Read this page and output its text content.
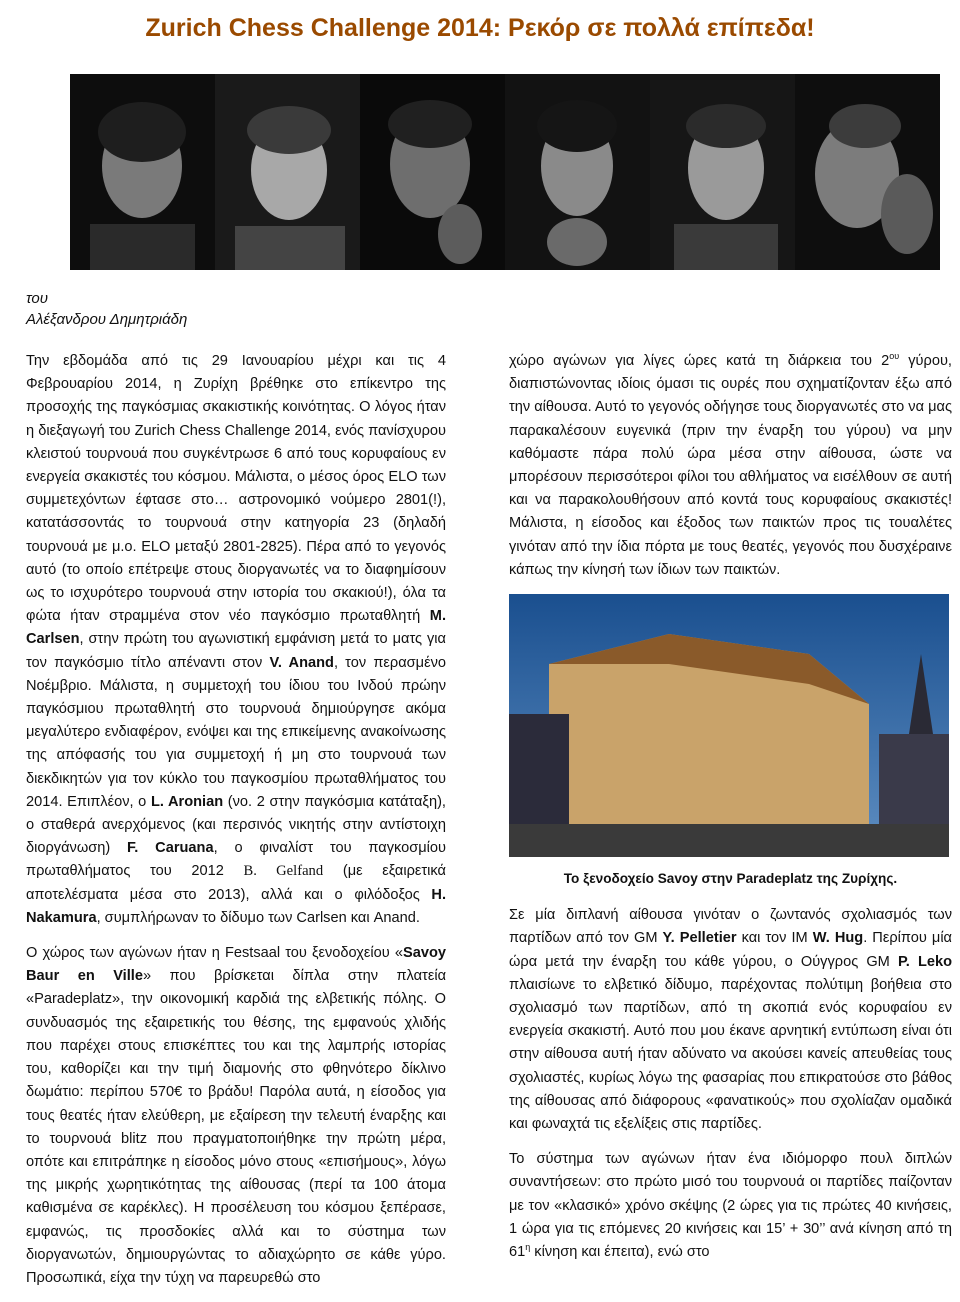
Zurich Chess Challenge 2014: Ρεκόρ σε πολλά επίπεδα!
του
Αλέξανδρου Δημητριάδη

Την εβδομάδα από τις 29 Ιανουαρίου μέχρι και τις 4 Φεβρουαρίου 2014, η Ζυρίχη βρέθηκε στο επίκεντρο της προσοχής της παγκόσμιας σκακιστικής κοινότητας. Ο λόγος ήταν η διεξαγωγή του Zurich Chess Challenge 2014, ενός πανίσχυρου κλειστού τουρνουά που συγκέντρωσε 6 από τους κορυφαίους εν ενεργεία σκακιστές του κόσμου. Μάλιστα, ο μέσος όρος ELO των συμμετεχόντων έφτασε στο… αστρονομικό νούμερο 2801(!), κατατάσσοντάς το τουρνουά στην κατηγορία 23 (δηλαδή τουρνουά με μ.ο. ELO μεταξύ 2801-2825). Πέρα από το γεγονός αυτό (το οποίο επέτρεψε στους διοργανωτές να το διαφημίσουν ως το ισχυρότερο τουρνουά στην ιστορία του σκακιού!), όλα τα φώτα ήταν στραμμένα στον νέο παγκόσμιο πρωταθλητή M. Carlsen, στην πρώτη του αγωνιστική εμφάνιση μετά το ματς για τον παγκόσμιο τίτλο απέναντι στον V. Anand, τον περασμένο Νοέμβριο. Μάλιστα, η συμμετοχή του ίδιου του Ινδού πρώην παγκόσμιου πρωταθλητή στο τουρνουά δημιούργησε ακόμα μεγαλύτερο ενδιαφέρον, ενόψει και της επικείμενης ανακοίνωσης της απόφασής του για συμμετοχή ή μη στο τουρνουά των διεκδικητών για τον κύκλο του παγκοσμίου πρωταθλήματος του 2014. Επιπλέον, ο L. Aronian (νο. 2 στην παγκόσμια κατάταξη), ο σταθερά ανερχόμενος (και περσινός νικητής στην αντίστοιχη διοργάνωση) F. Caruana, ο φιναλίστ του παγκοσμίου πρωταθλήματος του 2012 B. Gelfand (με εξαιρετικά αποτελέσματα μέσα στο 2013), αλλά και ο φιλόδοξος H. Nakamura, συμπλήρωναν το δίδυμο των Carlsen και Anand.

Ο χώρος των αγώνων ήταν η Festsaal του ξενοδοχείου «Savoy Baur en Ville» που βρίσκεται δίπλα στην πλατεία «Paradeplatz», την οικονομική καρδιά της ελβετικής πόλης. Ο συνδυασμός της εξαιρετικής του θέσης, της εμφανούς χλιδής που παρέχει στους επισκέπτες του και της λαμπρής ιστορίας του, καθορίζει και την τιμή διαμονής στο φθηνότερο δίκλινο δωμάτιο: περίπου 570€ το βράδυ! Παρόλα αυτά, η είσοδος για τους θεατές ήταν ελεύθερη, με εξαίρεση την τελευτή έναρξης και το τουρνουά blitz που πραγματοποιήθηκε την πρώτη μέρα, οπότε και επιτράπηκε η είσοδος μόνο στους «επισήμους», λόγω της μικρής χωρητικότητας της αίθουσας (περί τα 100 άτομα καθισμένα σε καρέκλες). Η προσέλευση του κόσμου ξεπέρασε, εμφανώς, τις προσδοκίες αλλά και το σύστημα των διοργανωτών, δημιουργώντας το αδιαχώρητο σε κάθε γύρο. Προσωπικά, είχα την τύχη να παρευρεθώ στο

χώρο αγώνων για λίγες ώρες κατά τη διάρκεια του $2^{o\upsilon}$ γύρου, διαπιστώνοντας ιδίοις όμασι τις ουρές που σχηματίζονταν έξω από την αίθουσα. Αυτό το γεγονός οδήγησε τους διοργανωτές στο να μας παρακαλέσουν ευγενικά (πριν την έναρξη του γύρου) να μην καθόμαστε πάρα πολύ ώρα μέσα στην αίθουσα, ώστε να μπορέσουν περισσότεροι φίλοι του αθλήματος να εισέλθουν σε αυτή και να παρακολουθήσουν από κοντά τους κορυφαίους σκακιστές! Μάλιστα, η είσοδος και έξοδος των παικτών προς τις τουαλέτες γινόταν από την ίδια πόρτα με τους θεατές, γεγονός που δυσχέραινε κάπως την κίνησή των ίδιων των παικτών.

Το ξενοδοχείο Savoy στην Paradeplatz της Ζυρίχης.

Σε μία διπλανή αίθουσα γινόταν ο ζωντανός σχολιασμός των παρτίδων από τον GM Y. Pelletier και τον IM W. Hug. Περίπου μία ώρα μετά την έναρξη του κάθε γύρου, ο Ούγγρος GM P. Leko πλαισίωνε το ελβετικό δίδυμο, παρέχοντας πολύτιμη βοήθεια στο σχολιασμό των παρτίδων, από τη σκοπιά ενός κορυφαίου εν ενεργεία σκακιστή. Αυτό που μου έκανε αρνητική εντύπωση είναι ότι στην αίθουσα αυτή ήταν αδύνατο να ακούσει κανείς απευθείας τους σχολιαστές, κυρίως λόγω της φασαρίας που επικρατούσε στο βάθος της αίθουσας από διάφορους «φανατικούς» που σχολίαζαν ομαδικά και φωναχτά τις εξελίξεις στις παρτίδες.

Το σύστημα των αγώνων ήταν ένα ιδιόμορφο πουλ διπλών συναντήσεων: στο πρώτο μισό του τουρνουά οι παρτίδες παίζονταν με τον «κλασικό» χρόνο σκέψης (2 ώρες για τις πρώτες 40 κινήσεις, 1 ώρα για τις επόμενες 20 κινήσεις και 15’ + 30’’ ανά κίνηση από τη $61^\eta$ κίνηση και έπειτα), ενώ στο
